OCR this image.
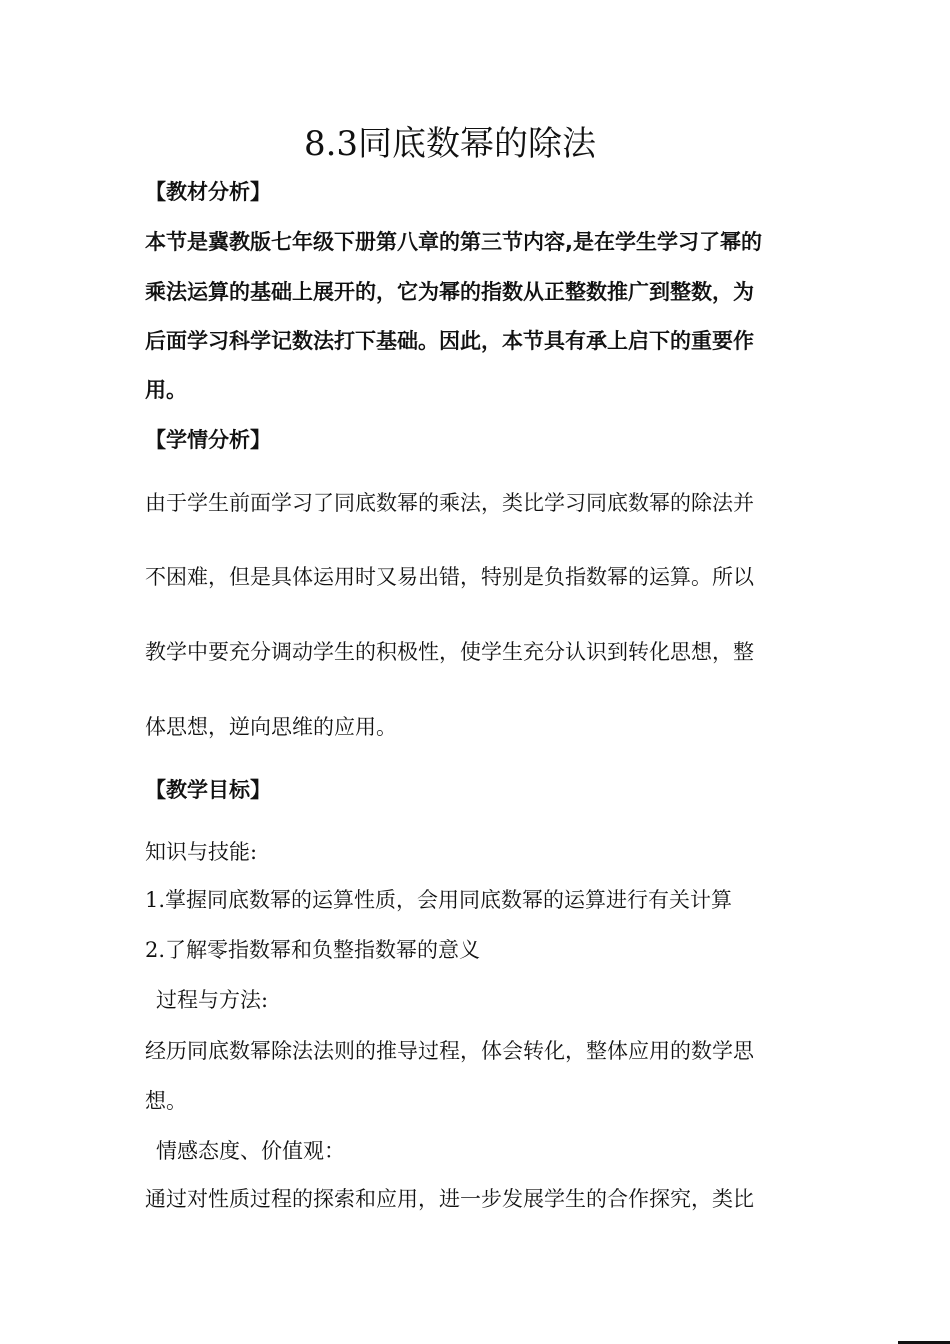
8.3同底数幂的除法
【教材分析】
本节是冀教版七年级下册第八章的第三节内容,是在学生学习了幂的
乘法运算的基础上展开的，它为幂的指数从正整数推广到整数，为
后面学习科学记数法打下基础。因此，本节具有承上启下的重要作
用。
【学情分析】
由于学生前面学习了同底数幂的乘法，类比学习同底数幂的除法并
不困难，但是具体运用时又易出错，特别是负指数幂的运算。所以
教学中要充分调动学生的积极性，使学生充分认识到转化思想，整
体思想，逆向思维的应用。
【教学目标】
知识与技能:
1.掌握同底数幂的运算性质，会用同底数幂的运算进行有关计算
2.了解零指数幂和负整指数幂的意义
过程与方法:
经历同底数幂除法法则的推导过程，体会转化，整体应用的数学思
想。
情感态度、价值观：
通过对性质过程的探索和应用，进一步发展学生的合作探究，类比
